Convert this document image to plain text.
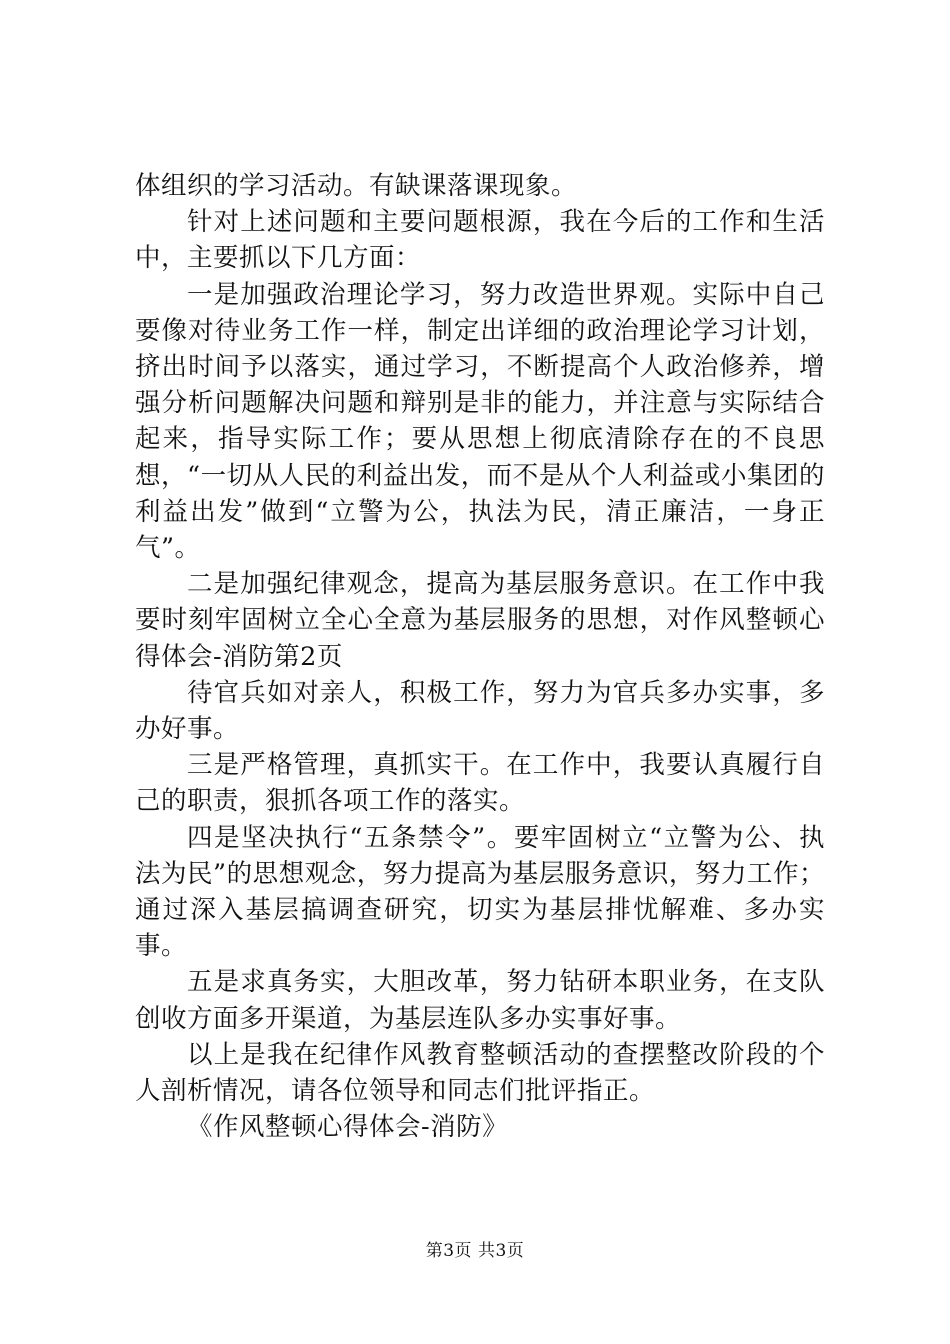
体组织的学习活动。有缺课落课现象。

针对上述问题和主要问题根源，我在今后的工作和生活中，主要抓以下几方面：

一是加强政治理论学习，努力改造世界观。实际中自己要像对待业务工作一样，制定出详细的政治理论学习计划，挤出时间予以落实，通过学习，不断提高个人政治修养，增强分析问题解决问题和辩别是非的能力，并注意与实际结合起来，指导实际工作；要从思想上彻底清除存在的不良思想，“一切从人民的利益出发，而不是从个人利益或小集团的利益出发”做到“立警为公，执法为民，清正廉洁，一身正气”。

二是加强纪律观念，提高为基层服务意识。在工作中我要时刻牢固树立全心全意为基层服务的思想，对作风整顿心得体会-消防第2页

待官兵如对亲人，积极工作，努力为官兵多办实事，多办好事。

三是严格管理，真抓实干。在工作中，我要认真履行自己的职责，狠抓各项工作的落实。

四是坚决执行“五条禁令”。要牢固树立“立警为公、执法为民”的思想观念，努力提高为基层服务意识，努力工作；通过深入基层搞调查研究，切实为基层排忧解难、多办实事。

五是求真务实，大胆改革，努力钻研本职业务，在支队创收方面多开渠道，为基层连队多办实事好事。

以上是我在纪律作风教育整顿活动的查摆整改阶段的个人剖析情况，请各位领导和同志们批评指正。

《作风整顿心得体会-消防》

第3页 共3页
